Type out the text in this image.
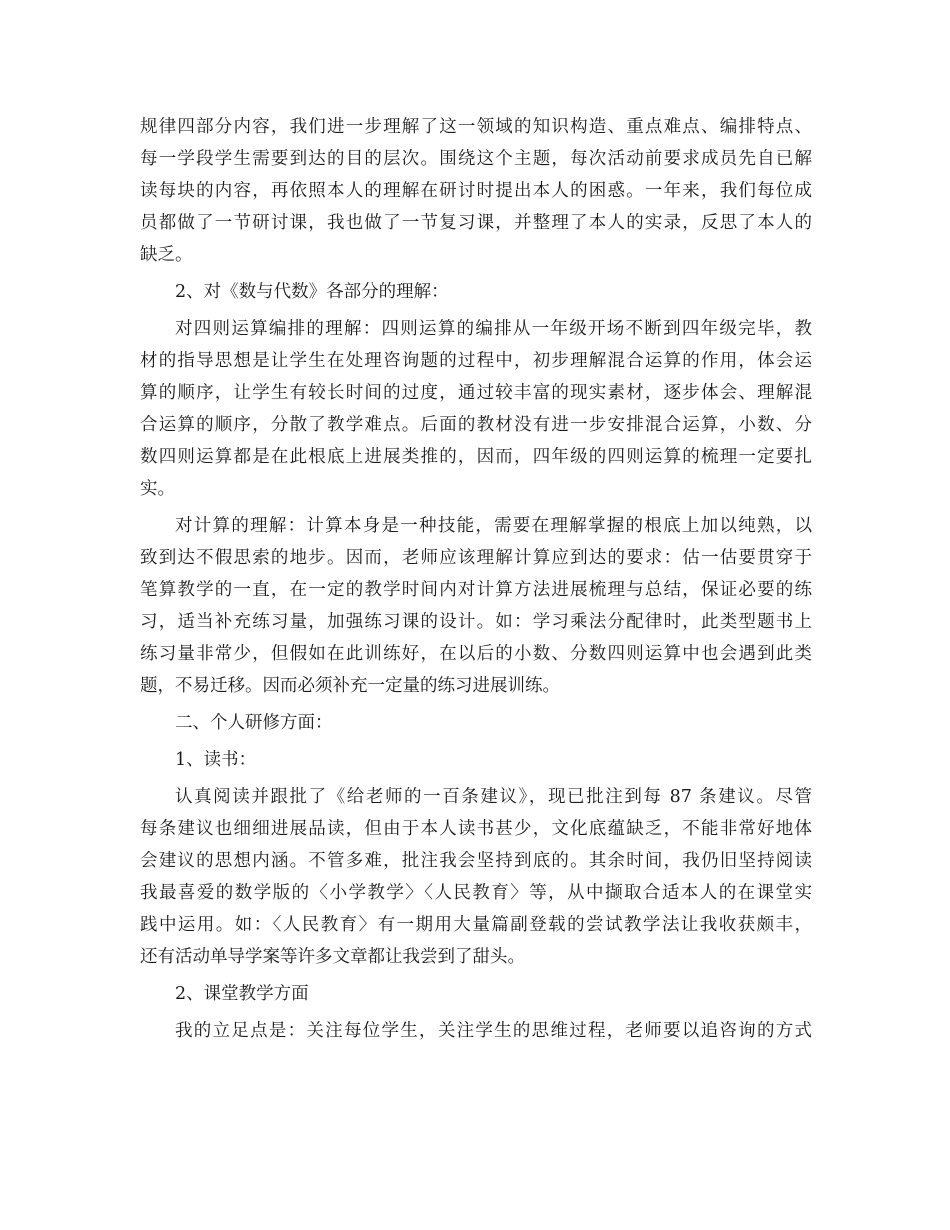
规律四部分内容，我们进一步理解了这一领域的知识构造、重点难点、编排特点、
每一学段学生需要到达的目的层次。围绕这个主题，每次活动前要求成员先自已解
读每块的内容，再依照本人的理解在研讨时提出本人的困惑。一年来，我们每位成
员都做了一节研讨课，我也做了一节复习课，并整理了本人的实录，反思了本人的
缺乏。
2、对《数与代数》各部分的理解：
对四则运算编排的理解：四则运算的编排从一年级开场不断到四年级完毕，教
材的指导思想是让学生在处理咨询题的过程中，初步理解混合运算的作用，体会运
算的顺序，让学生有较长时间的过度，通过较丰富的现实素材，逐步体会、理解混
合运算的顺序，分散了教学难点。后面的教材没有进一步安排混合运算，小数、分
数四则运算都是在此根底上进展类推的，因而，四年级的四则运算的梳理一定要扎
实。
对计算的理解：计算本身是一种技能，需要在理解掌握的根底上加以纯熟，以
致到达不假思索的地步。因而，老师应该理解计算应到达的要求：估一估要贯穿于
笔算教学的一直，在一定的教学时间内对计算方法进展梳理与总结，保证必要的练
习，适当补充练习量，加强练习课的设计。如：学习乘法分配律时，此类型题书上
练习量非常少，但假如在此训练好，在以后的小数、分数四则运算中也会遇到此类
题，不易迁移。因而必须补充一定量的练习进展训练。
二、个人研修方面：
1、读书：
认真阅读并跟批了《给老师的一百条建议》，现已批注到每 87 条建议。尽管
每条建议也细细进展品读，但由于本人读书甚少，文化底蕴缺乏，不能非常好地体
会建议的思想内涵。不管多难，批注我会坚持到底的。其余时间，我仍旧坚持阅读
我最喜爱的数学版的〈小学教学〉〈人民教育〉等，从中撷取合适本人的在课堂实
践中运用。如：〈人民教育〉有一期用大量篇副登载的尝试教学法让我收获颇丰，
还有活动单导学案等许多文章都让我尝到了甜头。
2、课堂教学方面
我的立足点是：关注每位学生，关注学生的思维过程，老师要以追咨询的方式
